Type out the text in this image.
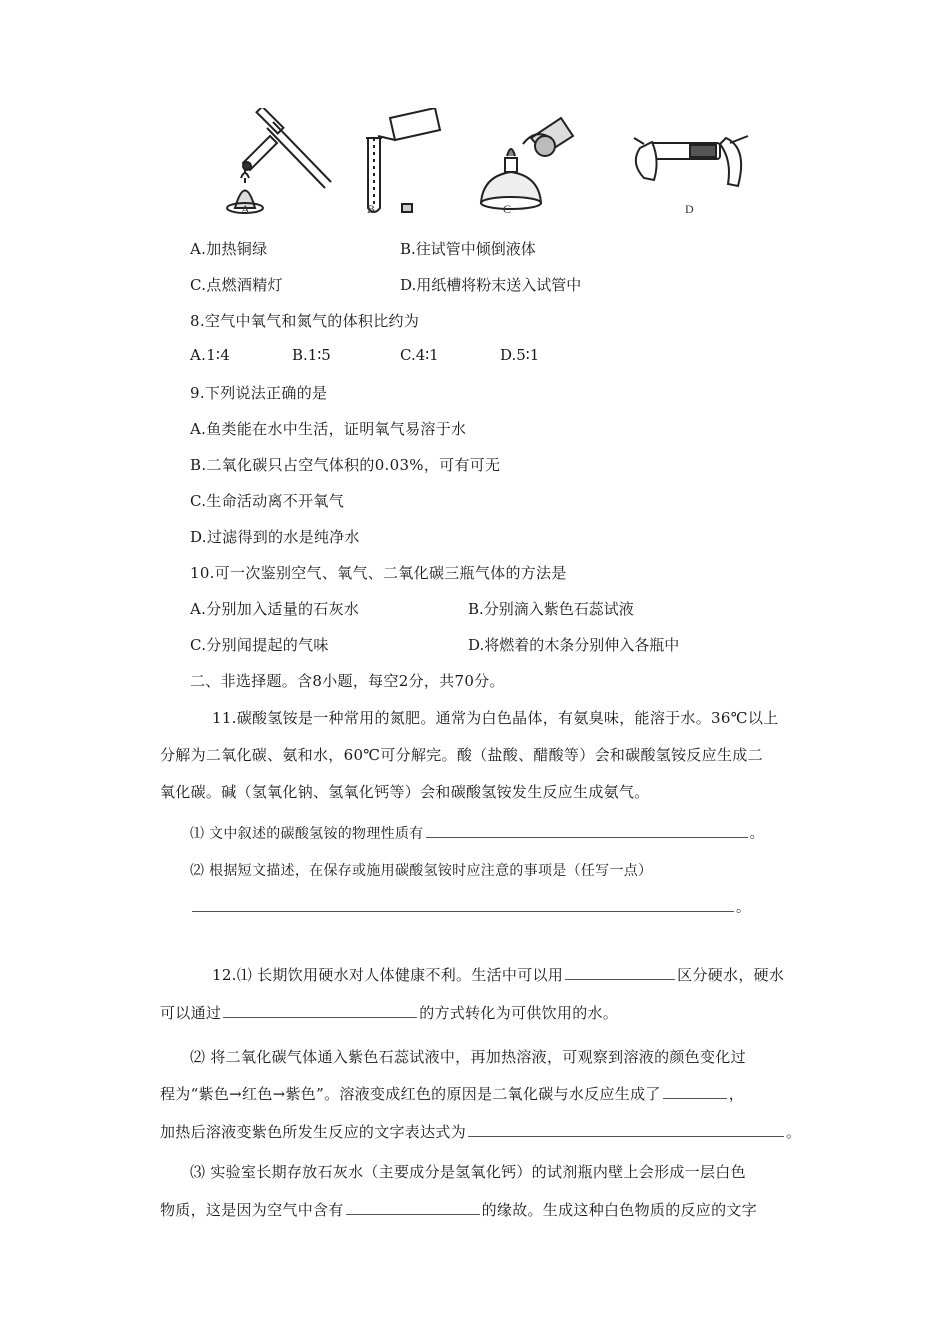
A	B	C	D
A.加热铜绿	B.往试管中倾倒液体
C.点燃酒精灯	D.用纸槽将粉末送入试管中
8.空气中氧气和氮气的体积比约为
A.1∶4	B.1∶5	C.4∶1	D.5∶1
9.下列说法正确的是
A.鱼类能在水中生活，证明氧气易溶于水
B.二氧化碳只占空气体积的0.03%，可有可无
C.生命活动离不开氧气
D.过滤得到的水是纯净水
10.可一次鉴别空气、氧气、二氧化碳三瓶气体的方法是
A.分别加入适量的石灰水	B.分别滴入紫色石蕊试液
C.分别闻提起的气味	D.将燃着的木条分别伸入各瓶中
二、非选择题。含8小题，每空2分，共70分。
11.碳酸氢铵是一种常用的氮肥。通常为白色晶体，有氨臭味，能溶于水。36℃以上
分解为二氧化碳、氨和水，60℃可分解完。酸（盐酸、醋酸等）会和碳酸氢铵反应生成二
氧化碳。碱（氢氧化钠、氢氧化钙等）会和碳酸氢铵发生反应生成氨气。
⑴ 文中叙述的碳酸氢铵的物理性质有	。
⑵ 根据短文描述，在保存或施用碳酸氢铵时应注意的事项是（任写一点）
。
12.⑴ 长期饮用硬水对人体健康不利。生活中可以用	区分硬水，硬水
可以通过	的方式转化为可供饮用的水。
⑵ 将二氧化碳气体通入紫色石蕊试液中，再加热溶液，可观察到溶液的颜色变化过
程为“紫色→红色→紫色”。溶液变成红色的原因是二氧化碳与水反应生成了	，
加热后溶液变紫色所发生反应的文字表达式为	。
⑶ 实验室长期存放石灰水（主要成分是氢氧化钙）的试剂瓶内壁上会形成一层白色
物质，这是因为空气中含有	的缘故。生成这种白色物质的反应的文字
